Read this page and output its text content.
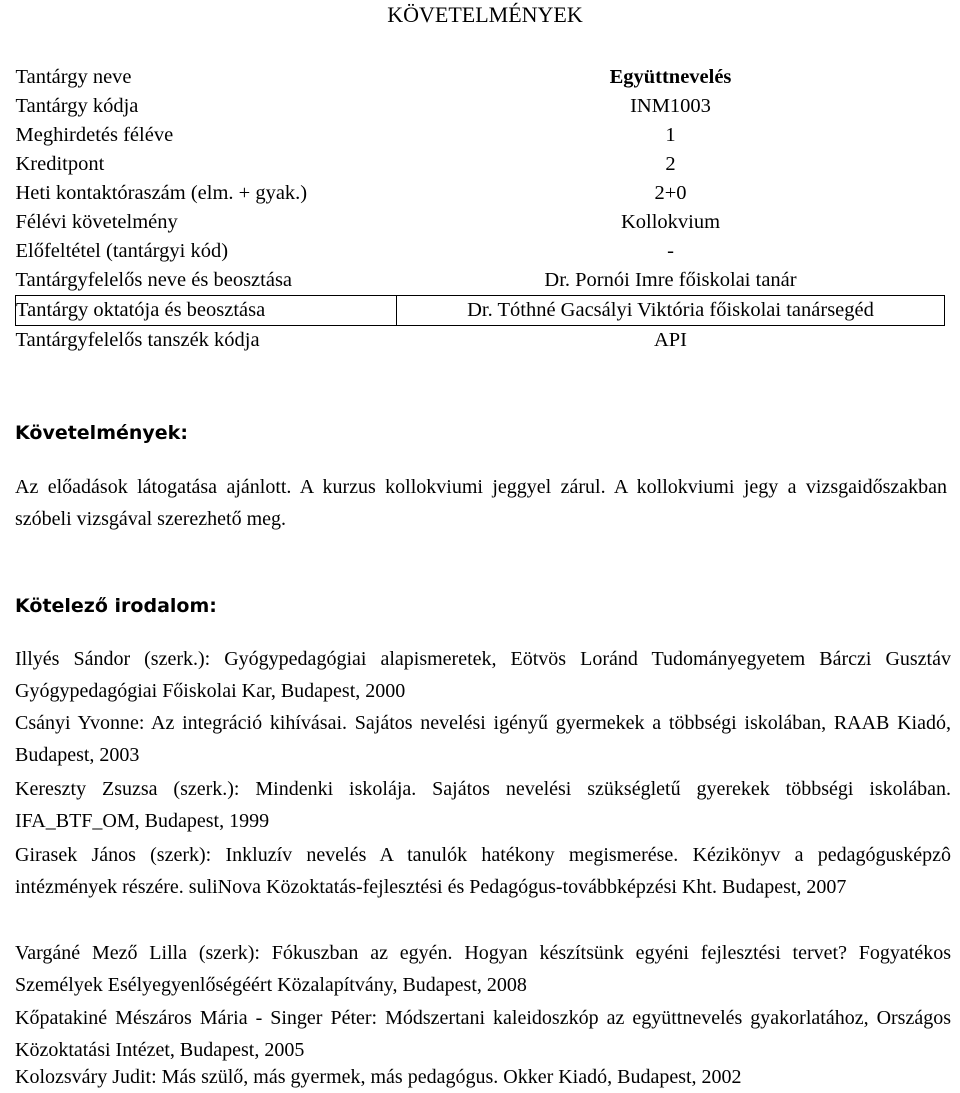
KÖVETELMÉNYEK
Tantárgy neve	Együttnevelés
Tantárgy kódja	INM1003
Meghirdetés féléve	1
Kreditpont	2
Heti kontaktóraszám (elm. + gyak.)	2+0
Félévi követelmény	Kollokvium
Előfeltétel (tantárgyi kód)	-
Tantárgyfelelős neve és beosztása	Dr. Pornói Imre főiskolai tanár
Tantárgy oktatója és beosztása	Dr. Tóthné Gacsályi Viktória főiskolai tanársegéd
Tantárgyfelelős tanszék kódja	API
Követelmények:
Az előadások látogatása ajánlott. A kurzus kollokviumi jeggyel zárul. A kollokviumi jegy a vizsgaidőszakban szóbeli vizsgával szerezhető meg.
Kötelező irodalom:
Illyés Sándor (szerk.): Gyógypedagógiai alapismeretek, Eötvös Loránd Tudományegyetem Bárczi Gusztáv Gyógypedagógiai Főiskolai Kar, Budapest, 2000
Csányi Yvonne: Az integráció kihívásai. Sajátos nevelési igényű gyermekek a többségi iskolában, RAAB Kiadó, Budapest, 2003
Kereszty Zsuzsa (szerk.): Mindenki iskolája. Sajátos nevelési szükségletű gyerekek többségi iskolában. IFA_BTF_OM, Budapest, 1999
Girasek János (szerk): Inkluzív nevelés A tanulók hatékony megismerése. Kézikönyv a pedagógusképzô intézmények részére. suliNova Közoktatás-fejlesztési és Pedagógus-továbbképzési Kht. Budapest, 2007
Vargáné Mező Lilla (szerk): Fókuszban az egyén. Hogyan készítsünk egyéni fejlesztési tervet? Fogyatékos Személyek Esélyegyenlőségéért Közalapítvány, Budapest, 2008
Kőpatakiné Mészáros Mária - Singer Péter: Módszertani kaleidoszkóp az együttnevelés gyakorlatához, Országos Közoktatási Intézet, Budapest, 2005
Kolozsváry Judit: Más szülő, más gyermek, más pedagógus. Okker Kiadó, Budapest, 2002
